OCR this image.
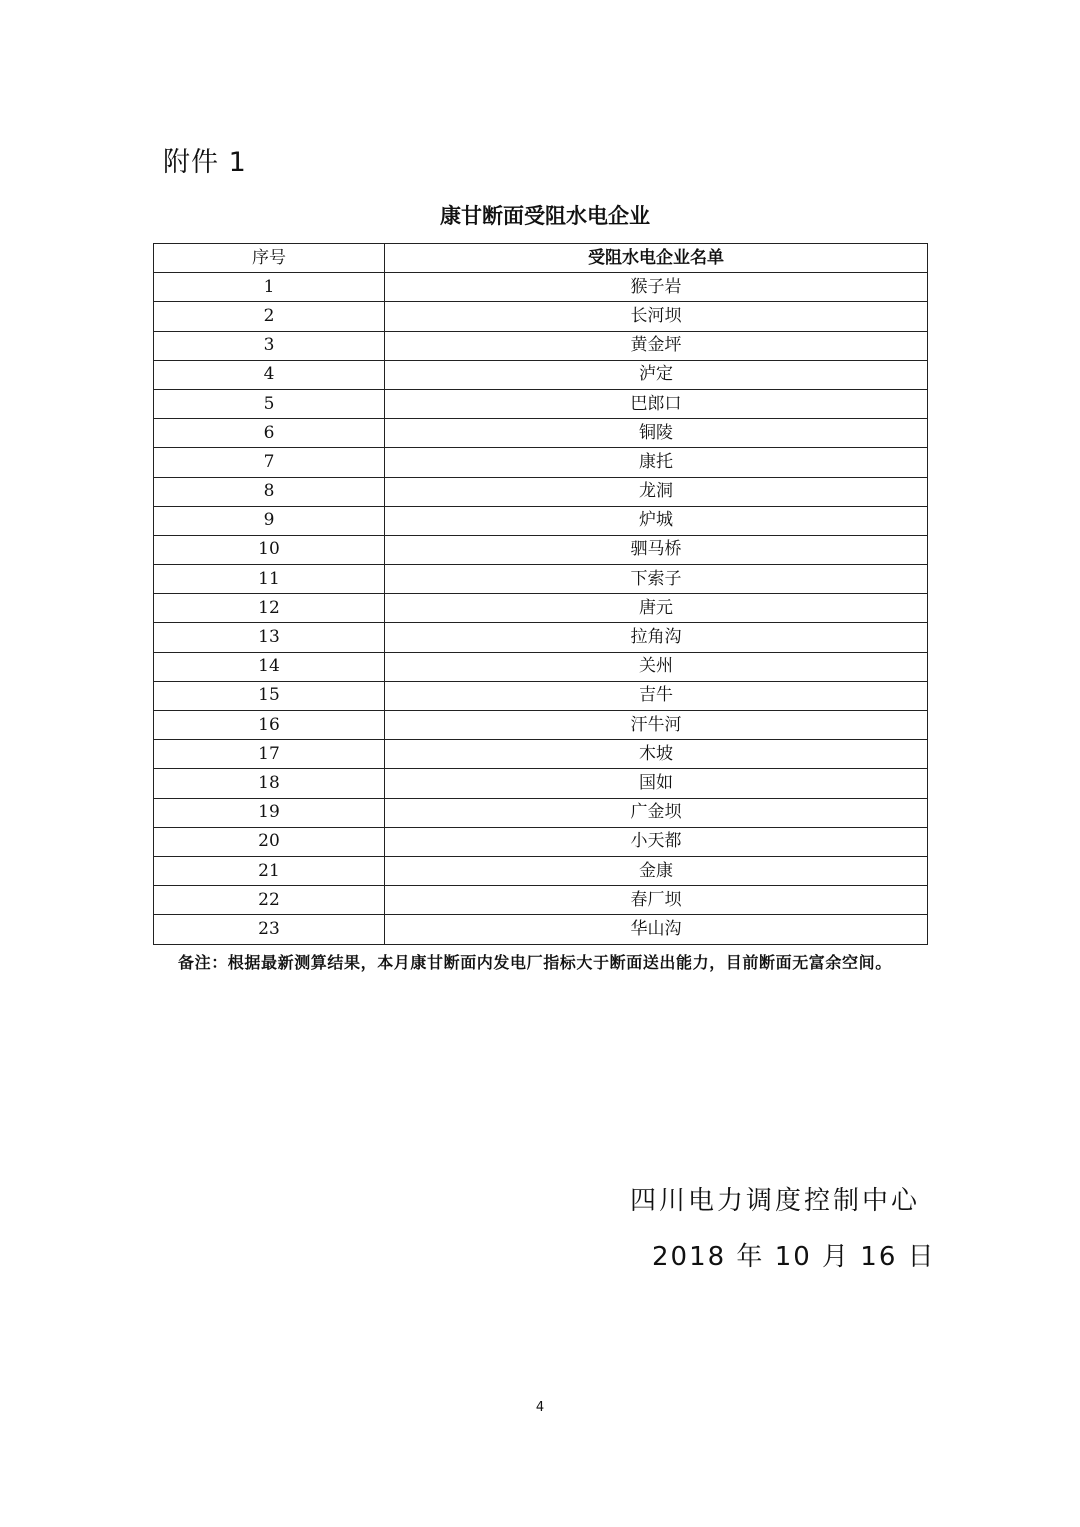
附件 1
康甘断面受阻水电企业
序号	受阻水电企业名单
1	猴子岩
2	长河坝
3	黄金坪
4	泸定
5	巴郎口
6	铜陵
7	康托
8	龙洞
9	炉城
10	驷马桥
11	下索子
12	唐元
13	拉角沟
14	关州
15	吉牛
16	汗牛河
17	木坡
18	国如
19	广金坝
20	小天都
21	金康
22	春厂坝
23	华山沟
备注：根据最新测算结果，本月康甘断面内发电厂指标大于断面送出能力，目前断面无富余空间。
四川电力调度控制中心
2018 年 10 月 16 日
4
